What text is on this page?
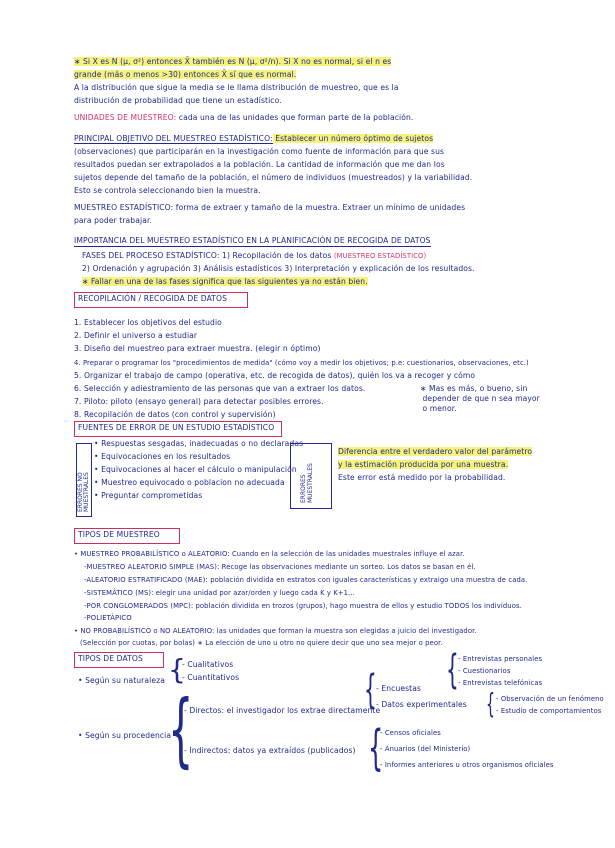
∗ Si X es N (μ, σ²) entonces X̄ también es N (μ, σ²/n). Si X no es normal, si el n es
grande (más o menos >30) entonces X̄ sí que es normal.
A la distribución que sigue la media se le llama distribución de muestreo, que es la
distribución de probabilidad que tiene un estadístico.
UNIDADES DE MUESTREO: cada una de las unidades que forman parte de la población.
PRINCIPAL OBJETIVO DEL MUESTREO ESTADÍSTICO: Establecer un número óptimo de sujetos
(observaciones) que participarán en la investigación como fuente de información para que sus
resultados puedan ser extrapolados a la población. La cantidad de información que me dan los
sujetos depende del tamaño de la población, el número de individuos (muestreados) y la variabilidad.
Esto se controla seleccionando bien la muestra.
MUESTREO ESTADÍSTICO: forma de extraer y tamaño de la muestra. Extraer un mínimo de unidades
para poder trabajar.
IMPORTANCIA DEL MUESTREO ESTADÍSTICO EN LA PLANIFICACIÓN DE RECOGIDA DE DATOS
FASES DEL PROCESO ESTADÍSTICO: 1) Recopilación de los datos (MUESTREO ESTADÍSTICO)
2) Ordenación y agrupación 3) Análisis estadísticos 3) Interpretación y explicación de los resultados.
∗ Fallar en una de las fases significa que las siguientes ya no están bien.
RECOPILACIÓN / RECOGIDA DE DATOS
1. Establecer los objetivos del estudio
2. Definir el universo a estudiar
3. Diseño del muestreo para extraer muestra. (elegir n óptimo)
4. Preparar o programar los "procedimientos de medida" (cómo voy a medir los objetivos; p.e: cuestionarios, observaciones, etc.)
5. Organizar el trabajo de campo (operativa, etc. de recogida de datos), quién los va a recoger y cómo
6. Selección y adiestramiento de las personas que van a extraer los datos.
7. Piloto: piloto (ensayo general) para detectar posibles errores.
8. Recopilación de datos (con control y supervisión)
∗ Mas es más, o bueno, sin
depender de que n sea mayor
o menor.
FUENTES DE ERROR DE UN ESTUDIO ESTADÍSTICO
ERRORES NO
MUESTRALES
• Respuestas sesgadas, inadecuadas o no declaradas
• Equivocaciones en los resultados
• Equivocaciones al hacer el cálculo o manipulación
• Muestreo equivocado o poblacion no adecuada
• Preguntar comprometidas	ERRORES
MUESTRALES
Diferencia entre el verdadero valor del parámetro
y la estimación producida por una muestra.
Este error está medido por la probabilidad.
TIPOS DE MUESTREO
• MUESTREO PROBABILÍSTICO o ALEATORIO: Cuando en la selección de las unidades muestrales influye el azar.
-MUESTREO ALEATORIO SIMPLE (MAS): Recoge las observaciones mediante un sorteo. Los datos se basan en él.
-ALEATORIO ESTRATIFICADO (MAE): población dividida en estratos con iguales características y extraigo una muestra de cada.
-SISTEMÁTICO (MS): elegir una unidad por azar/orden y luego cada K y K+1...
-POR CONGLOMERADOS (MPC): población dividida en trozos (grupos), hago muestra de ellos y estudio TODOS los individuos.
-POLIETÁPICO
• NO PROBABILÍSTICO o NO ALEATORIO: las unidades que forman la muestra son elegidas a juicio del investigador.
(Selección por cuotas, por bolas) ∗ La elección de uno u otro no quiere decir que uno sea mejor o peor.
TIPOS DE DATOS
• Según su naturaleza {
- Cualitativos
- Cuantitativos
• Según su procedencia
{
- Directos: el investigador los extrae directamente
- Indirectos: datos ya extraídos (publicados)
{ - Encuestas
- Datos experimentales
{ - Entrevistas personales
- Cuestionarios
- Entrevistas telefónicas
{ - Observación de un fenómeno
- Estudio de comportamientos
{
- Censos oficiales
- Anuarios (del Ministerio)
- Informes anteriores u otros organismos oficiales
